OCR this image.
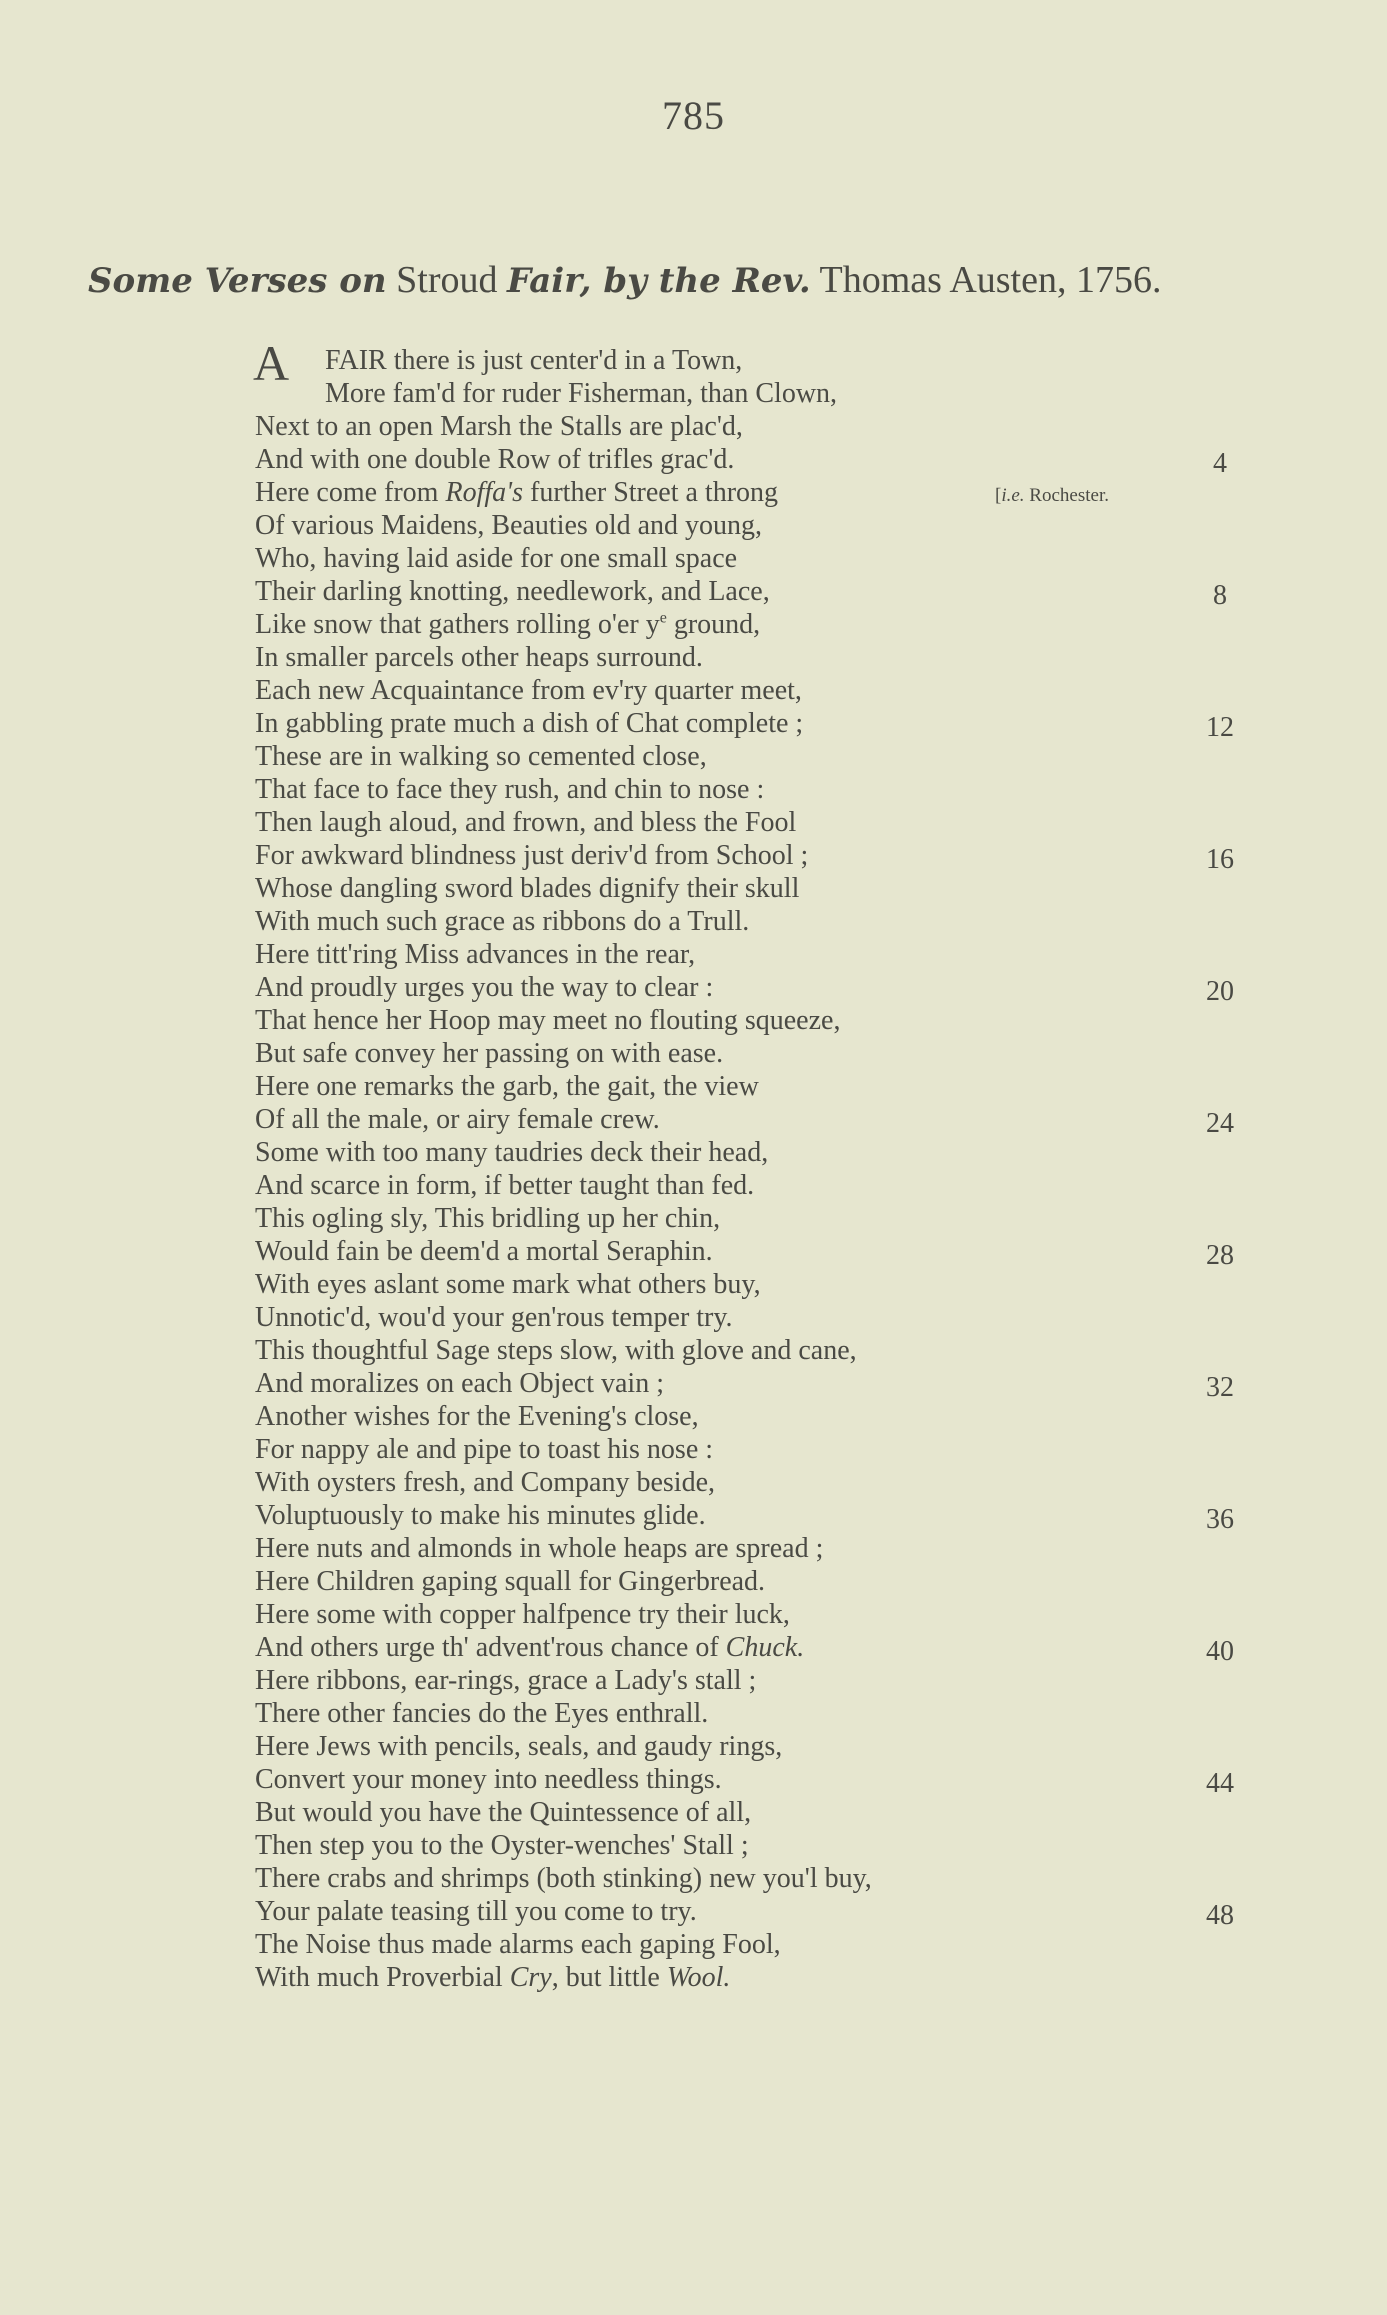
785
Some Verses on Stroud Fair, by the Rev. Thomas Austen, 1756.
A FAIR there is just center'd in a Town,
More fam'd for ruder Fisherman, than Clown,
Next to an open Marsh the Stalls are plac'd,
And with one double Row of trifles grac'd.	4
Here come from Roffa's further Street a throng	[i.e. Rochester.
Of various Maidens, Beauties old and young,
Who, having laid aside for one small space
Their darling knotting, needlework, and Lace,	8
Like snow that gathers rolling o'er $y^e$ ground,
In smaller parcels other heaps surround.
Each new Acquaintance from ev'ry quarter meet,
In gabbling prate much a dish of Chat complete ;	12
These are in walking so cemented close,
That face to face they rush, and chin to nose :
Then laugh aloud, and frown, and bless the Fool
For awkward blindness just deriv'd from School ;	16
Whose dangling sword blades dignify their skull
With much such grace as ribbons do a Trull.
Here titt'ring Miss advances in the rear,
And proudly urges you the way to clear :	20
That hence her Hoop may meet no flouting squeeze,
But safe convey her passing on with ease.
Here one remarks the garb, the gait, the view
Of all the male, or airy female crew.	24
Some with too many taudries deck their head,
And scarce in form, if better taught than fed.
This ogling sly, This bridling up her chin,
Would fain be deem'd a mortal Seraphin.	28
With eyes aslant some mark what others buy,
Unnotic'd, wou'd your gen'rous temper try.
This thoughtful Sage steps slow, with glove and cane,
And moralizes on each Object vain ;	32
Another wishes for the Evening's close,
For nappy ale and pipe to toast his nose :
With oysters fresh, and Company beside,
Voluptuously to make his minutes glide.	36
Here nuts and almonds in whole heaps are spread ;
Here Children gaping squall for Gingerbread.
Here some with copper halfpence try their luck,
And others urge th' advent'rous chance of Chuck.	40
Here ribbons, ear-rings, grace a Lady's stall ;
There other fancies do the Eyes enthrall.
Here Jews with pencils, seals, and gaudy rings,
Convert your money into needless things.	44
But would you have the Quintessence of all,
Then step you to the Oyster-wenches' Stall ;
There crabs and shrimps (both stinking) new you'l buy,
Your palate teasing till you come to try.	48
The Noise thus made alarms each gaping Fool,
With much Proverbial Cry, but little Wool.
